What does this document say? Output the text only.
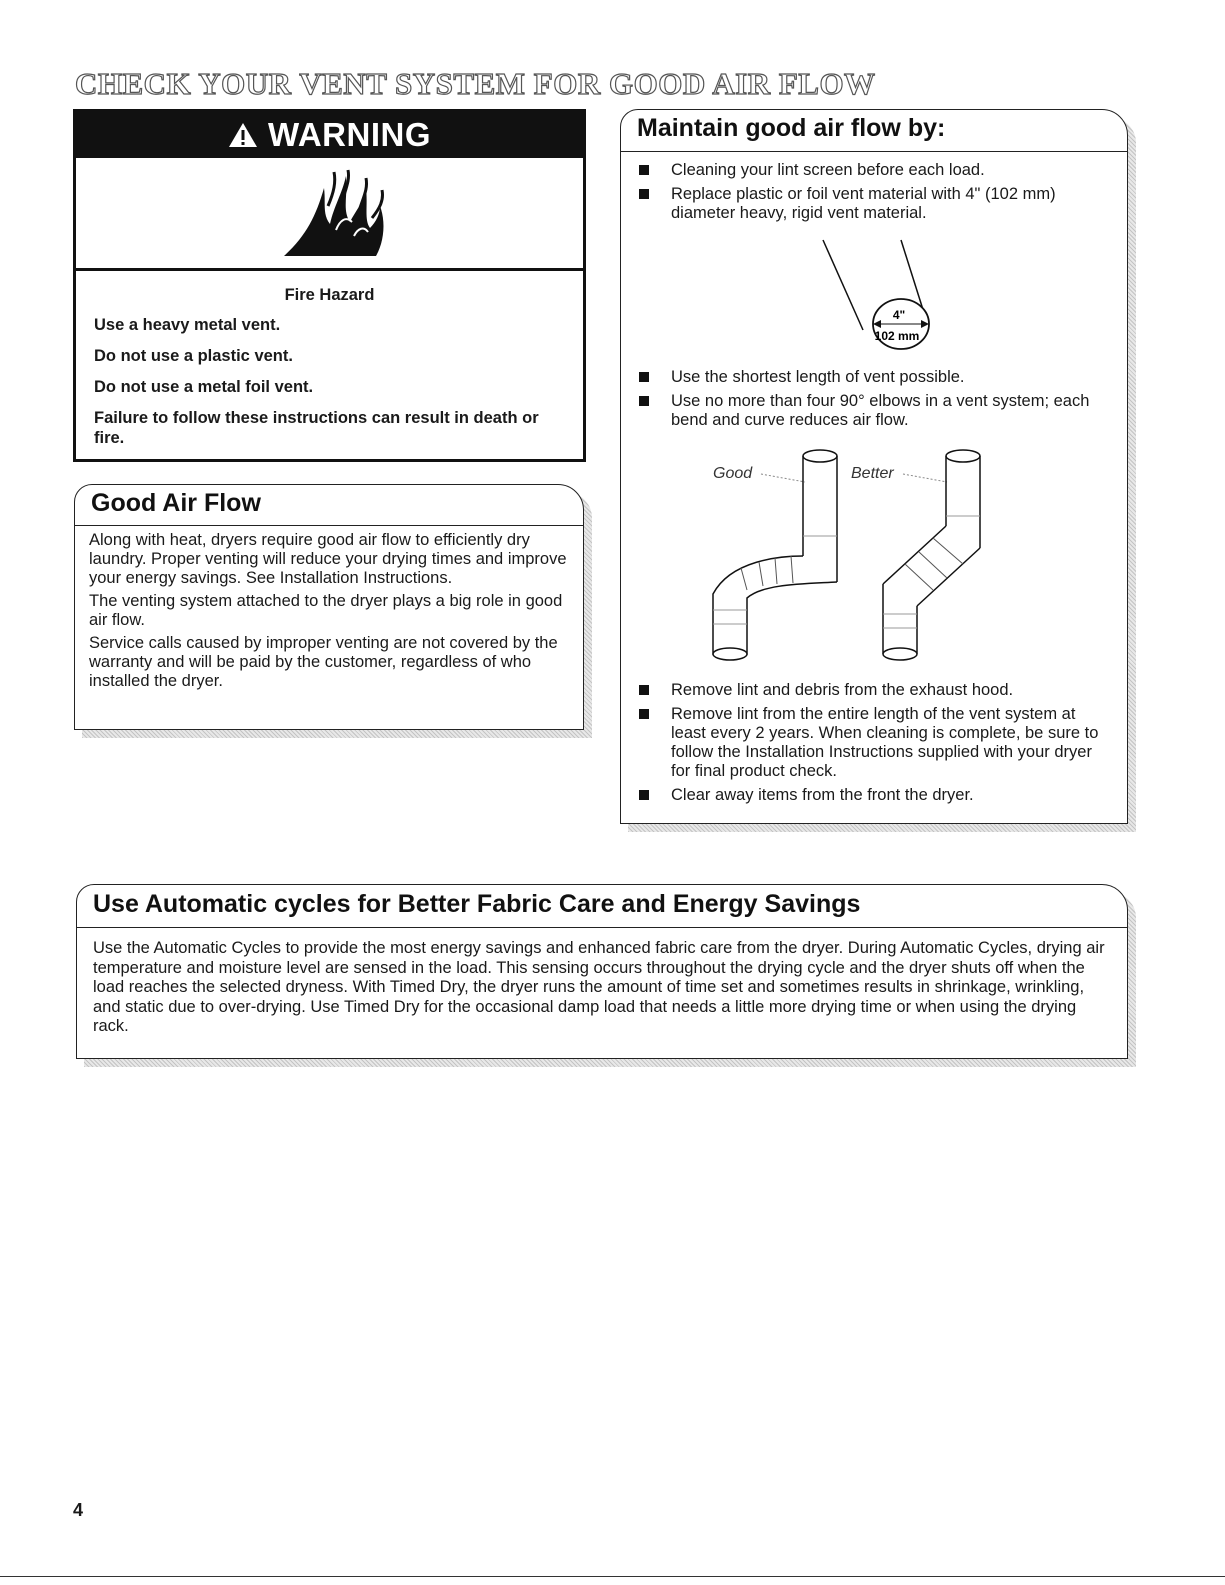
CHECK YOUR VENT SYSTEM FOR GOOD AIR FLOW
WARNING

Fire Hazard

Use a heavy metal vent.

Do not use a plastic vent.

Do not use a metal foil vent.

Failure to follow these instructions can result in death or fire.

Good Air Flow

Along with heat, dryers require good air flow to efficiently dry laundry. Proper venting will reduce your drying times and improve your energy savings. See Installation Instructions.

The venting system attached to the dryer plays a big role in good air flow.

Service calls caused by improper venting are not covered by the warranty and will be paid by the customer, regardless of who installed the dryer.

Maintain good air flow by:
Cleaning your lint screen before each load.
Replace plastic or foil vent material with 4" (102 mm) diameter heavy, rigid vent material.
4"
102 mm
Use the shortest length of vent possible.
Use no more than four 90° elbows in a vent system; each bend and curve reduces air flow.
Good	Better
Remove lint and debris from the exhaust hood.
Remove lint from the entire length of the vent system at least every 2 years. When cleaning is complete, be sure to follow the Installation Instructions supplied with your dryer for final product check.
Clear away items from the front the dryer.
Use Automatic cycles for Better Fabric Care and Energy Savings
Use the Automatic Cycles to provide the most energy savings and enhanced fabric care from the dryer. During Automatic Cycles, drying air temperature and moisture level are sensed in the load. This sensing occurs throughout the drying cycle and the dryer shuts off when the load reaches the selected dryness. With Timed Dry, the dryer runs the amount of time set and sometimes results in shrinkage, wrinkling, and static due to over-drying. Use Timed Dry for the occasional damp load that needs a little more drying time or when using the drying rack.

4
